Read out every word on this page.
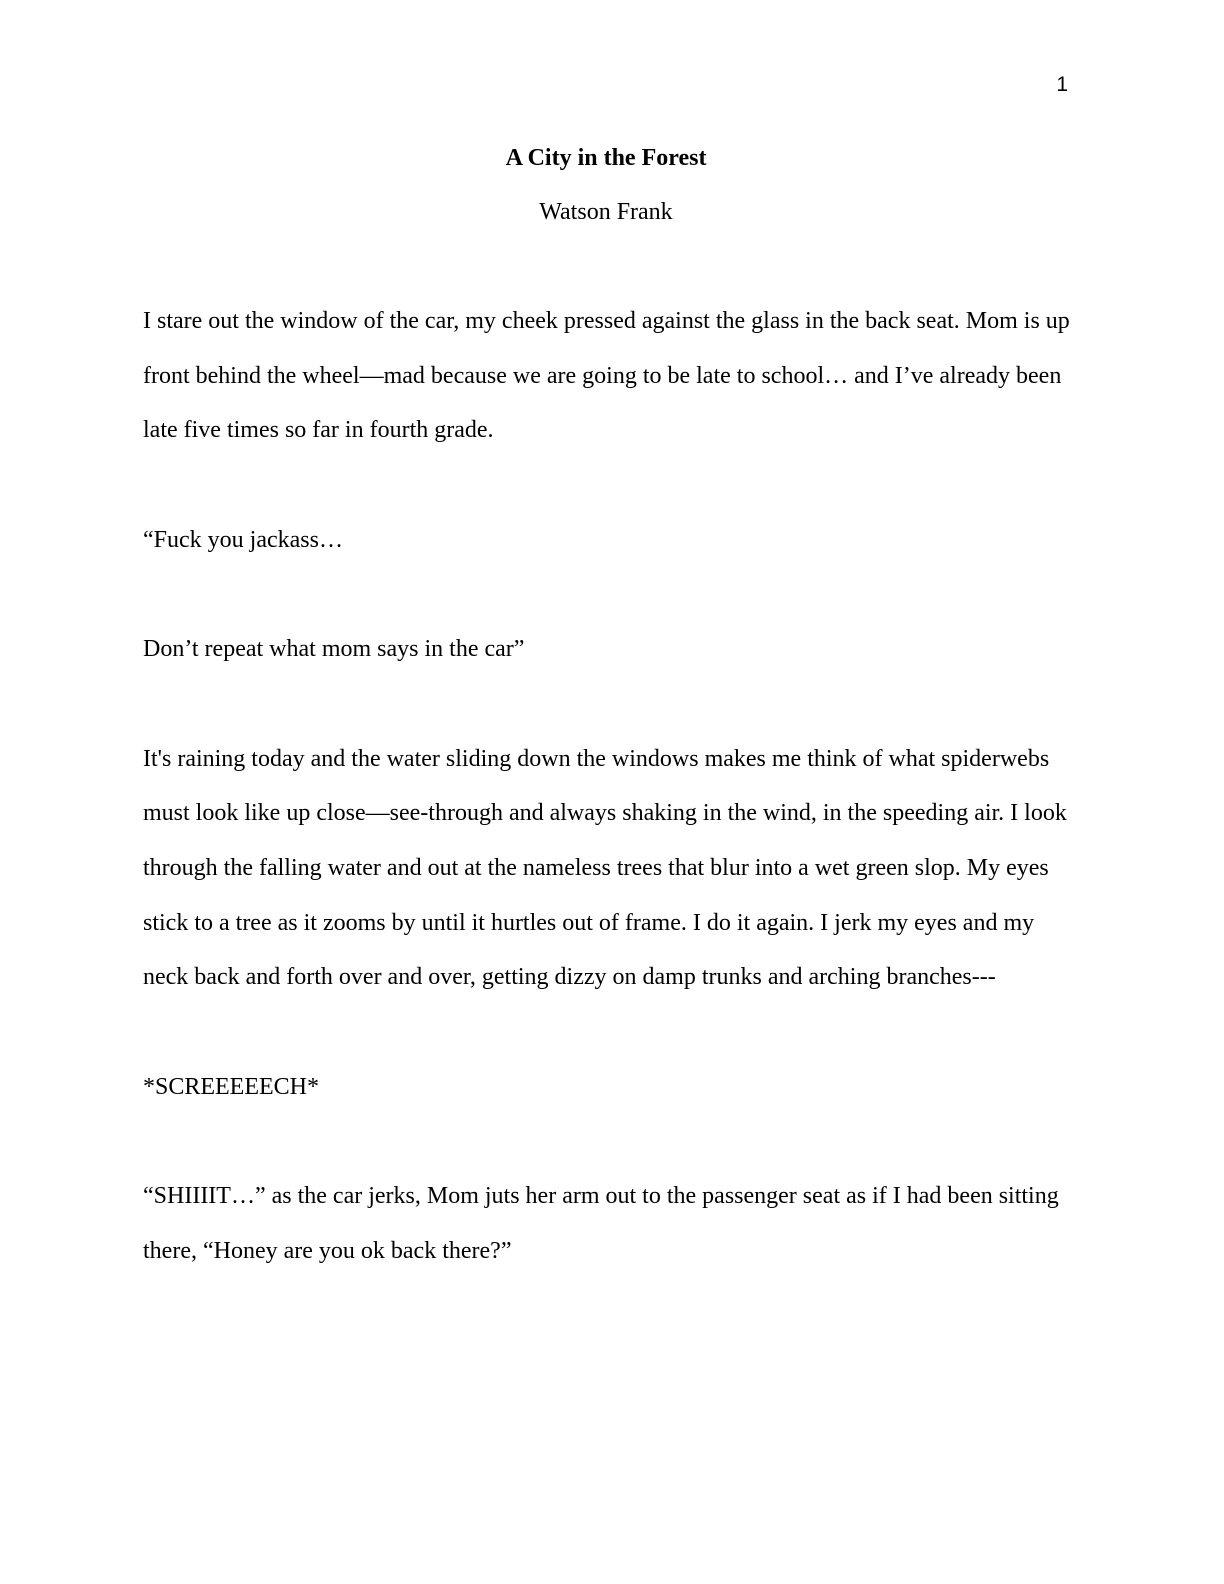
1
A City in the Forest
Watson Frank
I stare out the window of the car, my cheek pressed against the glass in the back seat. Mom is up
front behind the wheel—mad because we are going to be late to school… and I’ve already been
late five times so far in fourth grade.
“Fuck you jackass…
Don’t repeat what mom says in the car”
It's raining today and the water sliding down the windows makes me think of what spiderwebs
must look like up close—see-through and always shaking in the wind, in the speeding air. I look
through the falling water and out at the nameless trees that blur into a wet green slop. My eyes
stick to a tree as it zooms by until it hurtles out of frame. I do it again. I jerk my eyes and my
neck back and forth over and over, getting dizzy on damp trunks and arching branches---
*SCREEEEECH*
“SHIIIIT…” as the car jerks, Mom juts her arm out to the passenger seat as if I had been sitting
there, “Honey are you ok back there?”
